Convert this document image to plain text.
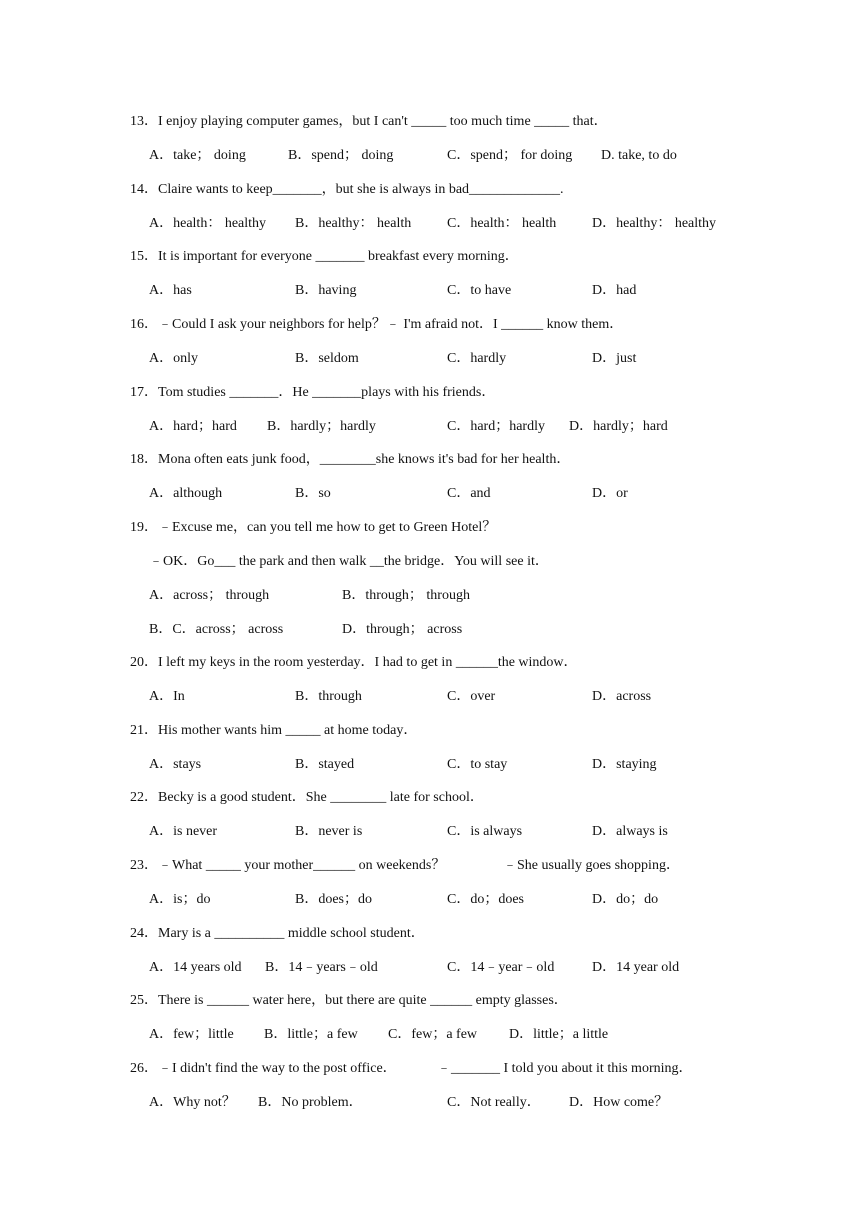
13．I enjoy playing computer games，but I can't _____ too much time _____ that．
A．take； doing	B．spend； doing	C．spend； for doing D. take, to do
14．Claire wants to keep_______，but she is always in bad_____________.
A．health： healthy B．healthy： health	C．health： health	D．healthy： healthy
15．It is important for everyone _______ breakfast every morning．
A．has	B．having	C．to have	D．had
16．﹣Could I ask your neighbors for help？﹣ I'm afraid not．I ______ know them．
A．only	B．seldom	C．hardly	D．just
17．Tom studies _______．He _______plays with his friends．
A．hard；hard B．hardly；hardly	C．hard；hardly D．hardly；hard
18．Mona often eats junk food，________she knows it's bad for her health．
A．although	B．so	C．and	D．or
19．﹣Excuse me，can you tell me how to get to Green Hotel？
﹣OK．Go___ the park and then walk __the bridge．You will see it．
A．across； through	B．through； through
B．C．across； across	D．through； across
20．I left my keys in the room yesterday．I had to get in ______the window．
A．In	B．through	C．over	D．across
21．His mother wants him _____ at home today．
A．stays	B．stayed	C．to stay	D．staying
22．Becky is a good student．She ________ late for school．
A．is never	B．never is	C．is always	D．always is
23．﹣What _____ your mother______ on weekends？	﹣She usually goes shopping．
A．is；do	B．does；do	C．do；does	D．do；do
24．Mary is a __________ middle school student．
A．14 years old B．14﹣years﹣old	C．14﹣year﹣old	D．14 year old
25．There is ______ water here，but there are quite ______ empty glasses．
A．few；little B．little；a few C．few；a few D．little；a little
26．﹣I didn't find the way to the post office．	﹣_______ I told you about it this morning．
A．Why not？ B．No problem．	C．Not really． D．How come？
